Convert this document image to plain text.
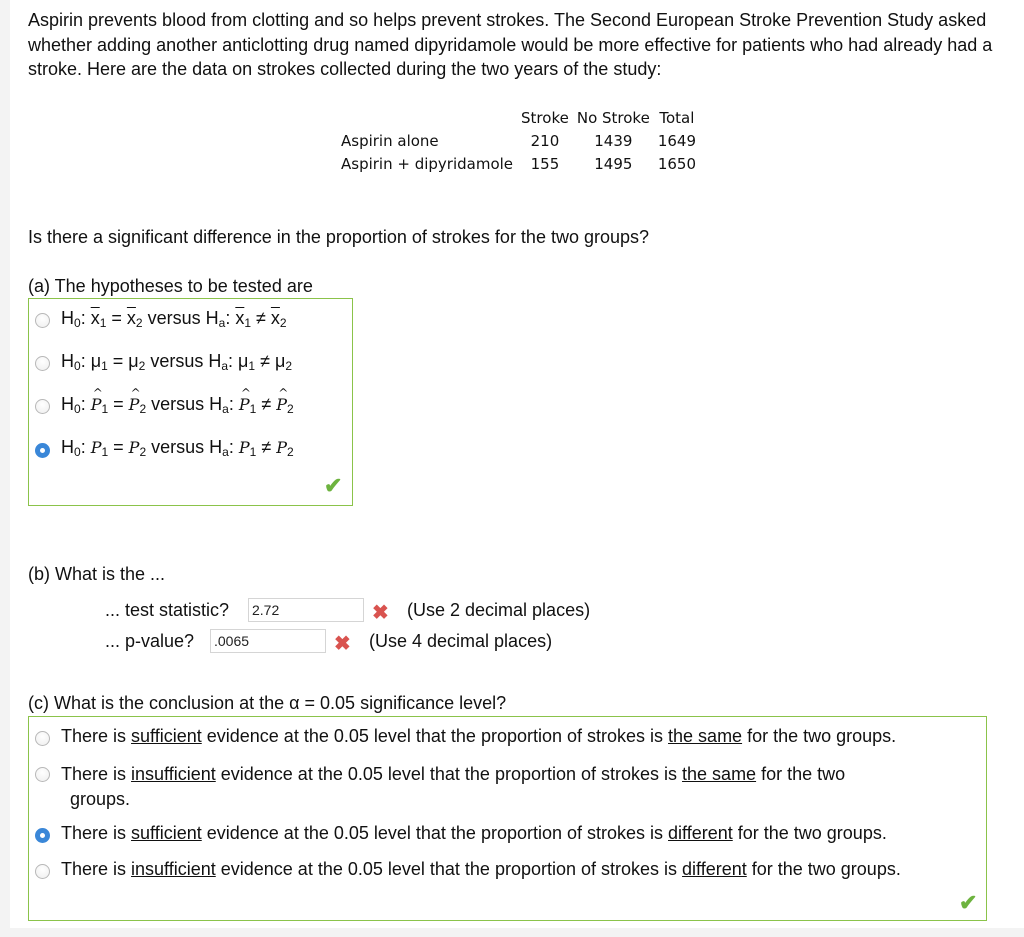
Aspirin prevents blood from clotting and so helps prevent strokes. The Second European Stroke Prevention Study asked whether adding another anticlotting drug named dipyridamole would be more effective for patients who had already had a stroke. Here are the data on strokes collected during the two years of the study:
	Stroke	No Stroke	Total
Aspirin alone	210	1439	1649
Aspirin + dipyridamole	155	1495	1650
Is there a significant difference in the proportion of strokes for the two groups?
(a) The hypotheses to be tested are
$H_0$: $\overline{x}_1 = \overline{x}_2$ versus $H_a$: $\overline{x}_1 \ne \overline{x}_2$
$H_0$: $\mu_1 = \mu_2$ versus $H_a$: $\mu_1 \ne \mu_2$
$H_0$: ^ $P_1$ = ^ $P_2$ versus $H_a$: ^ $P_1$ ≠ ^ $P_2$
$H_0$: $P_1 = P_2$ versus $H_a$: $P_1 \ne P_2$
✔
(b) What is the ...
... test statistic? 2.72	✖ (Use 2 decimal places)
... p-value? .0065	✖ (Use 4 decimal places)
(c) What is the conclusion at the α = 0.05 significance level?
There is sufficient evidence at the 0.05 level that the proportion of strokes is the same for the two groups.
There is insufficient evidence at the 0.05 level that the proportion of strokes is the same for the two
groups.
There is sufficient evidence at the 0.05 level that the proportion of strokes is different for the two groups.
There is insufficient evidence at the 0.05 level that the proportion of strokes is different for the two groups.
✔
